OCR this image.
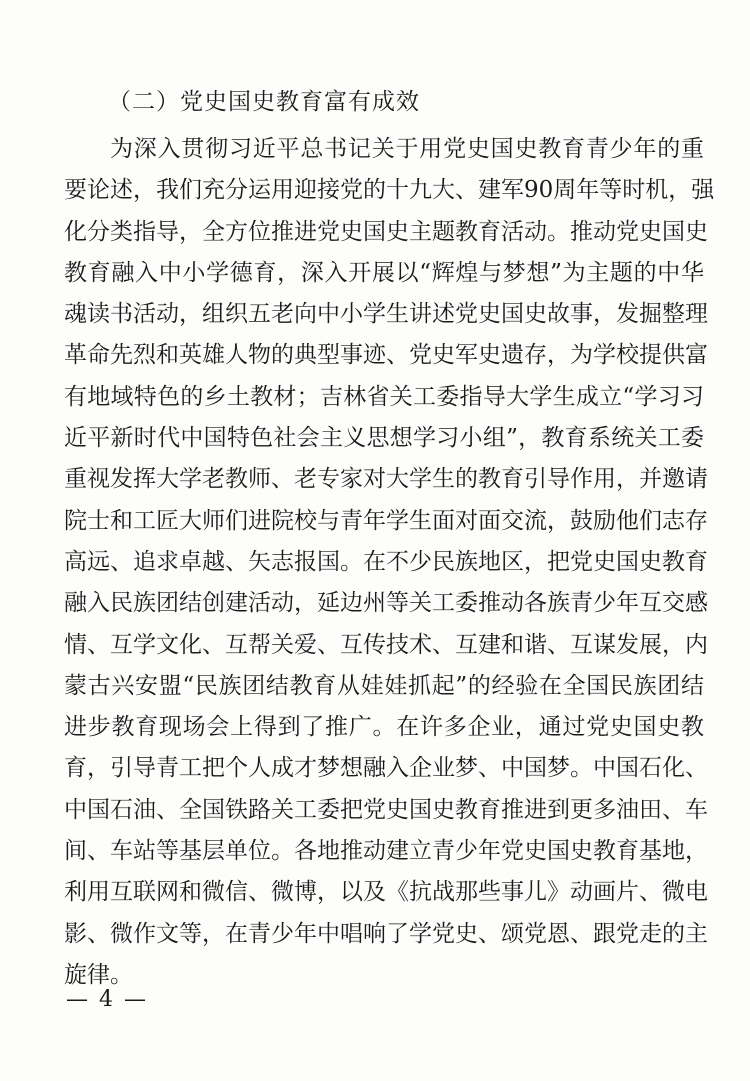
（二）党史国史教育富有成效
为深入贯彻习近平总书记关于用党史国史教育青少年的重
要论述，我们充分运用迎接党的十九大、建军90周年等时机，强
化分类指导，全方位推进党史国史主题教育活动。推动党史国史
教育融入中小学德育，深入开展以“辉煌与梦想”为主题的中华
魂读书活动，组织五老向中小学生讲述党史国史故事，发掘整理
革命先烈和英雄人物的典型事迹、党史军史遗存，为学校提供富
有地域特色的乡土教材；吉林省关工委指导大学生成立“学习习
近平新时代中国特色社会主义思想学习小组”，教育系统关工委
重视发挥大学老教师、老专家对大学生的教育引导作用，并邀请
院士和工匠大师们进院校与青年学生面对面交流，鼓励他们志存
高远、追求卓越、矢志报国。在不少民族地区，把党史国史教育
融入民族团结创建活动，延边州等关工委推动各族青少年互交感
情、互学文化、互帮关爱、互传技术、互建和谐、互谋发展，内
蒙古兴安盟“民族团结教育从娃娃抓起”的经验在全国民族团结
进步教育现场会上得到了推广。在许多企业，通过党史国史教
育，引导青工把个人成才梦想融入企业梦、中国梦。中国石化、
中国石油、全国铁路关工委把党史国史教育推进到更多油田、车
间、车站等基层单位。各地推动建立青少年党史国史教育基地，
利用互联网和微信、微博，以及《抗战那些事儿》动画片、微电
影、微作文等，在青少年中唱响了学党史、颂党恩、跟党走的主
旋律。
— 4 —
